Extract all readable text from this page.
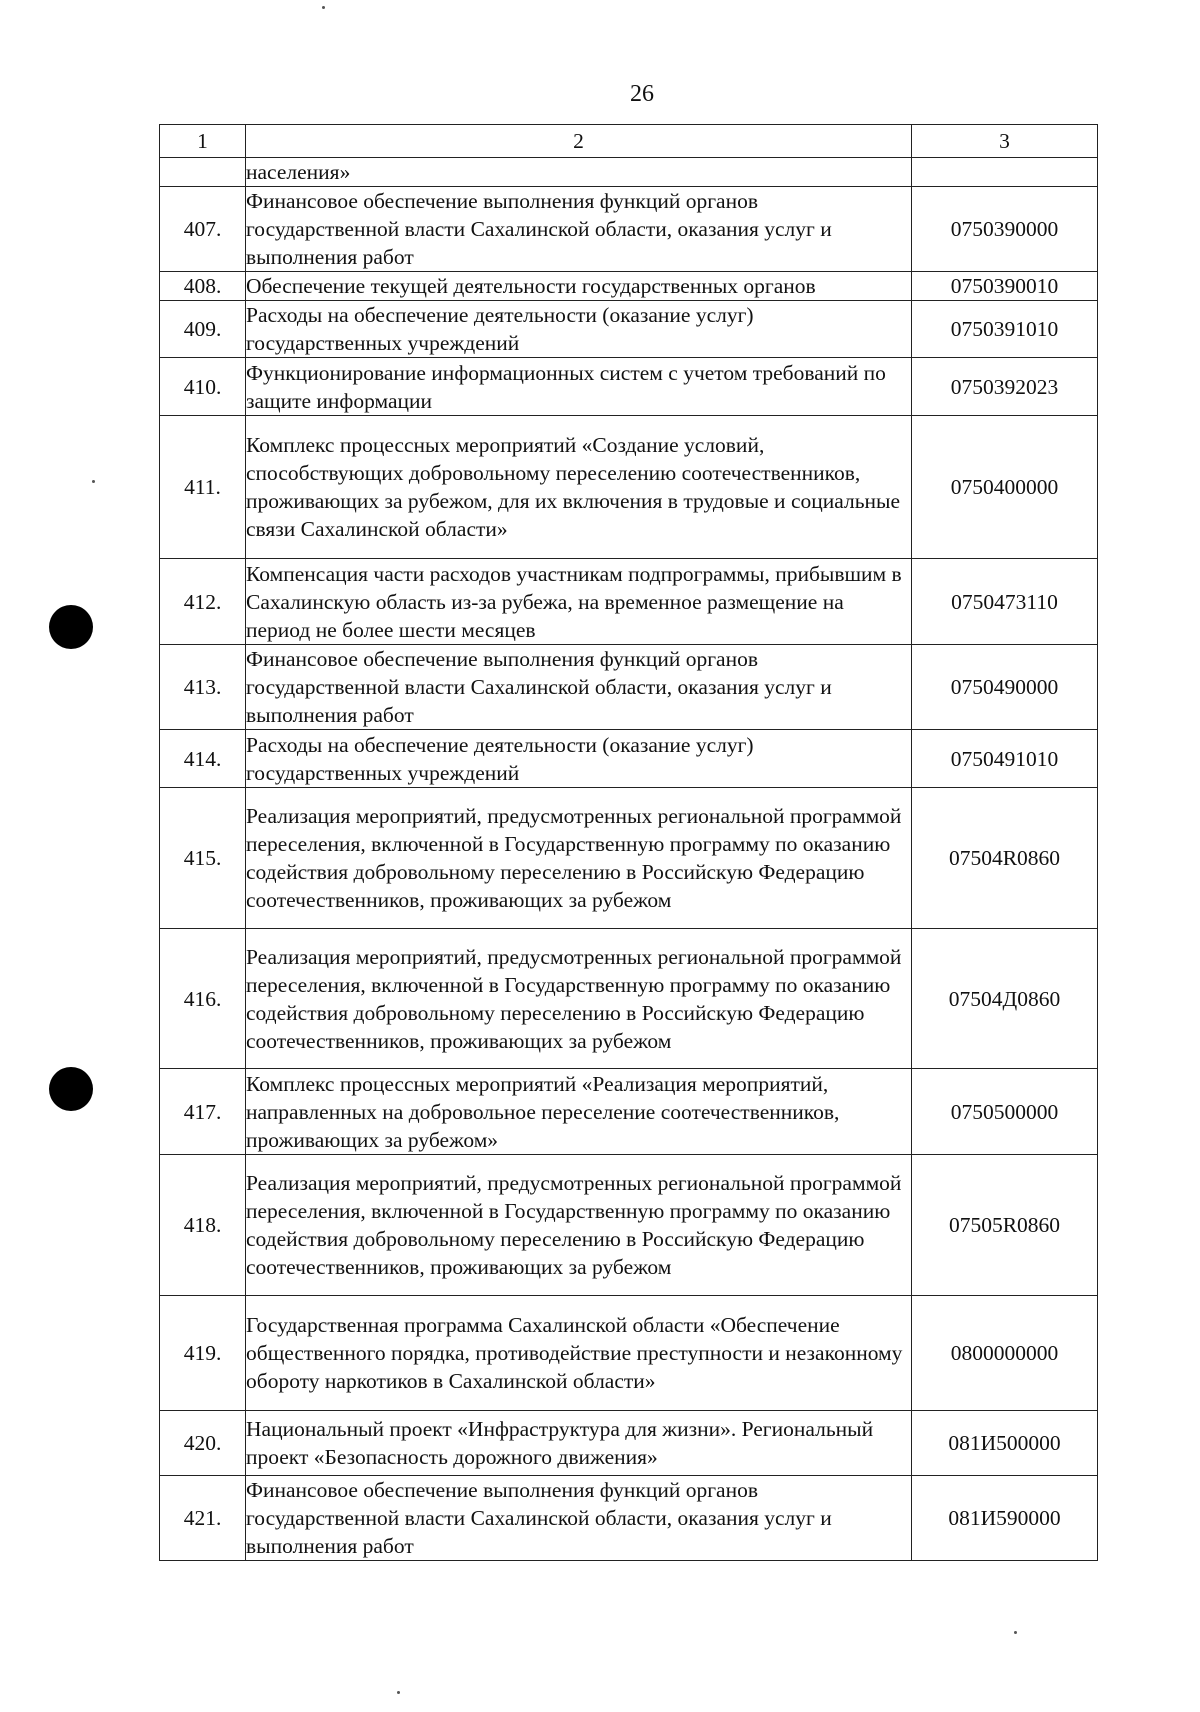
26
1	2	3
	населения»	
407.	Финансовое обеспечение выполнения функций органов государственной власти Сахалинской области, оказания услуг и выполнения работ	0750390000
408.	Обеспечение текущей деятельности государственных органов	0750390010
409.	Расходы на обеспечение деятельности (оказание услуг) государственных учреждений	0750391010
410.	Функционирование информационных систем с учетом требований по защите информации	0750392023
411.	Комплекс процессных мероприятий «Создание условий, способствующих добровольному переселению соотечественников, проживающих за рубежом, для их включения в трудовые и социальные связи Сахалинской области»	0750400000
412.	Компенсация части расходов участникам подпрограммы, прибывшим в Сахалинскую область из-за рубежа, на временное размещение на период не более шести месяцев	0750473110
413.	Финансовое обеспечение выполнения функций органов государственной власти Сахалинской области, оказания услуг и выполнения работ	0750490000
414.	Расходы на обеспечение деятельности (оказание услуг) государственных учреждений	0750491010
415.	Реализация мероприятий, предусмотренных региональной программой переселения, включенной в Государственную программу по оказанию содействия добровольному переселению в Российскую Федерацию соотечественников, проживающих за рубежом	07504R0860
416.	Реализация мероприятий, предусмотренных региональной программой переселения, включенной в Государственную программу по оказанию содействия добровольному переселению в Российскую Федерацию соотечественников, проживающих за рубежом	07504Д0860
417.	Комплекс процессных мероприятий «Реализация мероприятий, направленных на добровольное переселение соотечественников, проживающих за рубежом»	0750500000
418.	Реализация мероприятий, предусмотренных региональной программой переселения, включенной в Государственную программу по оказанию содействия добровольному переселению в Российскую Федерацию соотечественников, проживающих за рубежом	07505R0860
419.	Государственная программа Сахалинской области «Обеспечение общественного порядка, противодействие преступности и незаконному обороту наркотиков в Сахалинской области»	0800000000
420.	Национальный проект «Инфраструктура для жизни». Региональный проект «Безопасность дорожного движения»	081И500000
421.	Финансовое обеспечение выполнения функций органов государственной власти Сахалинской области, оказания услуг и выполнения работ	081И590000
